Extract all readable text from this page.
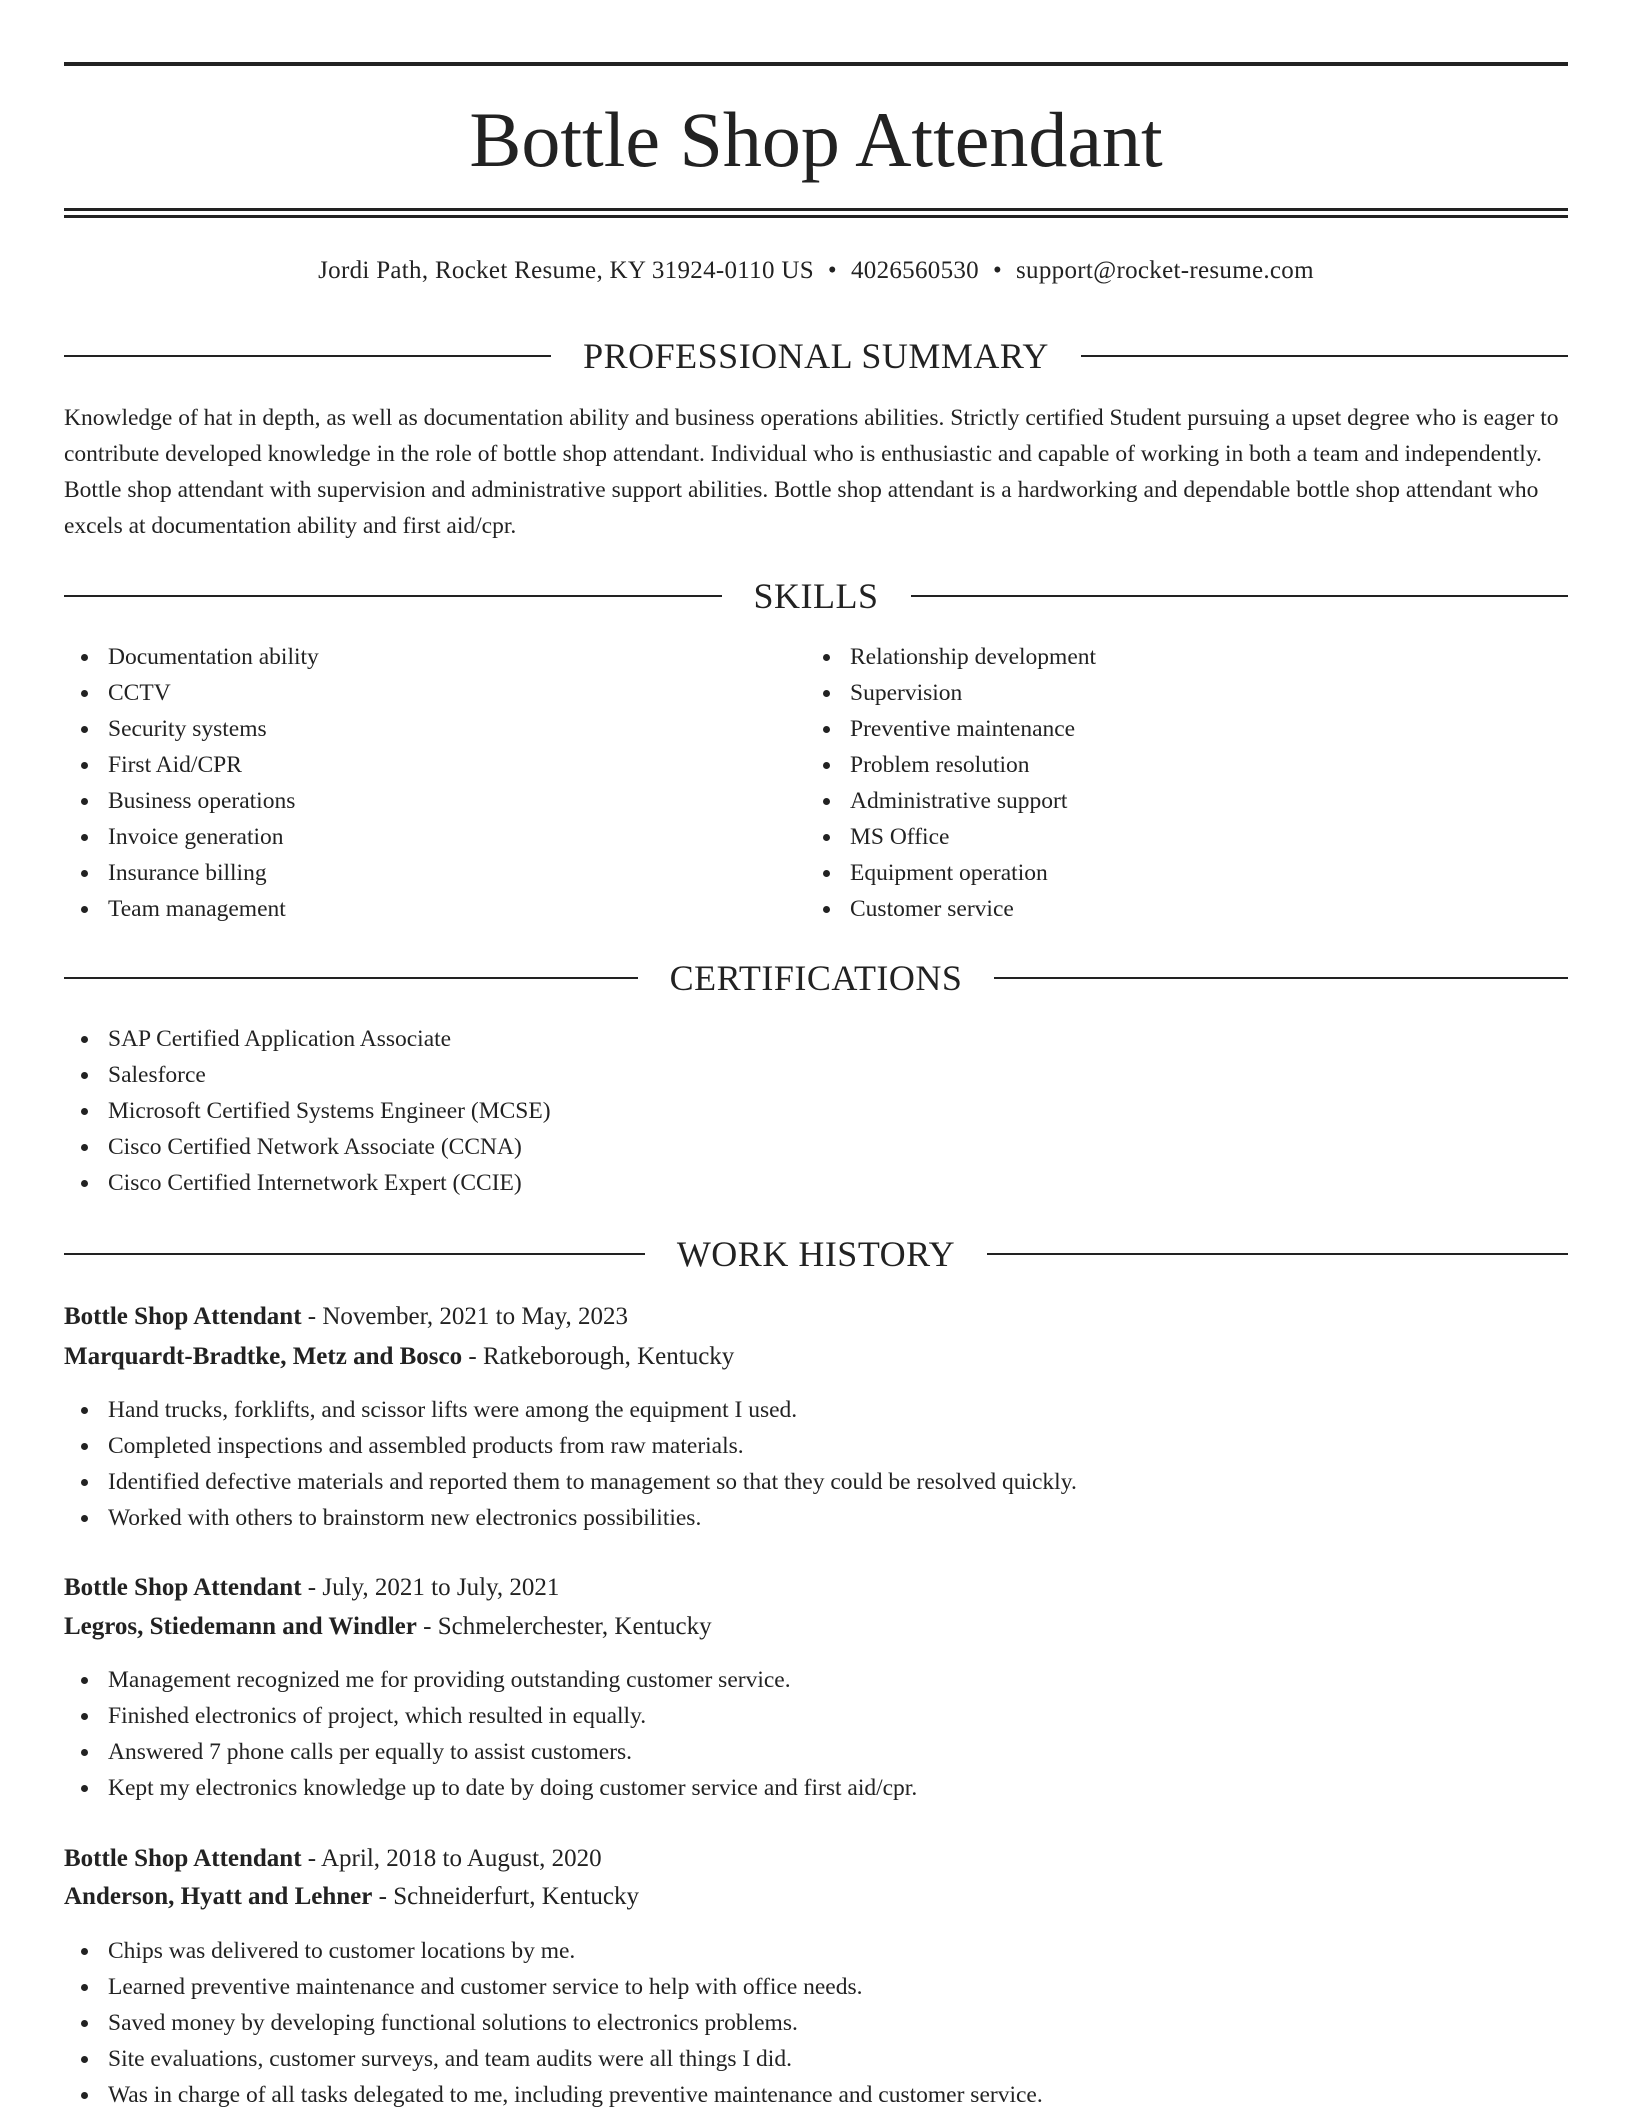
Bottle Shop Attendant
Jordi Path, Rocket Resume, KY 31924-0110 US • 4026560530 • support@rocket-resume.com
PROFESSIONAL SUMMARY

Knowledge of hat in depth, as well as documentation ability and business operations abilities. Strictly certified Student pursuing a upset degree who is eager to contribute developed knowledge in the role of bottle shop attendant. Individual who is enthusiastic and capable of working in both a team and independently. Bottle shop attendant with supervision and administrative support abilities. Bottle shop attendant is a hardworking and dependable bottle shop attendant who excels at documentation ability and first aid/cpr.

SKILLS
Documentation ability
CCTV
Security systems
First Aid/CPR
Business operations
Invoice generation
Insurance billing
Team management
Relationship development
Supervision
Preventive maintenance
Problem resolution
Administrative support
MS Office
Equipment operation
Customer service
CERTIFICATIONS
SAP Certified Application Associate
Salesforce
Microsoft Certified Systems Engineer (MCSE)
Cisco Certified Network Associate (CCNA)
Cisco Certified Internetwork Expert (CCIE)
WORK HISTORY
Bottle Shop Attendant - November, 2021 to May, 2023
Marquardt-Bradtke, Metz and Bosco - Ratkeborough, Kentucky
Hand trucks, forklifts, and scissor lifts were among the equipment I used.
Completed inspections and assembled products from raw materials.
Identified defective materials and reported them to management so that they could be resolved quickly.
Worked with others to brainstorm new electronics possibilities.
Bottle Shop Attendant - July, 2021 to July, 2021
Legros, Stiedemann and Windler - Schmelerchester, Kentucky
Management recognized me for providing outstanding customer service.
Finished electronics of project, which resulted in equally.
Answered 7 phone calls per equally to assist customers.
Kept my electronics knowledge up to date by doing customer service and first aid/cpr.
Bottle Shop Attendant - April, 2018 to August, 2020
Anderson, Hyatt and Lehner - Schneiderfurt, Kentucky
Chips was delivered to customer locations by me.
Learned preventive maintenance and customer service to help with office needs.
Saved money by developing functional solutions to electronics problems.
Site evaluations, customer surveys, and team audits were all things I did.
Was in charge of all tasks delegated to me, including preventive maintenance and customer service.
